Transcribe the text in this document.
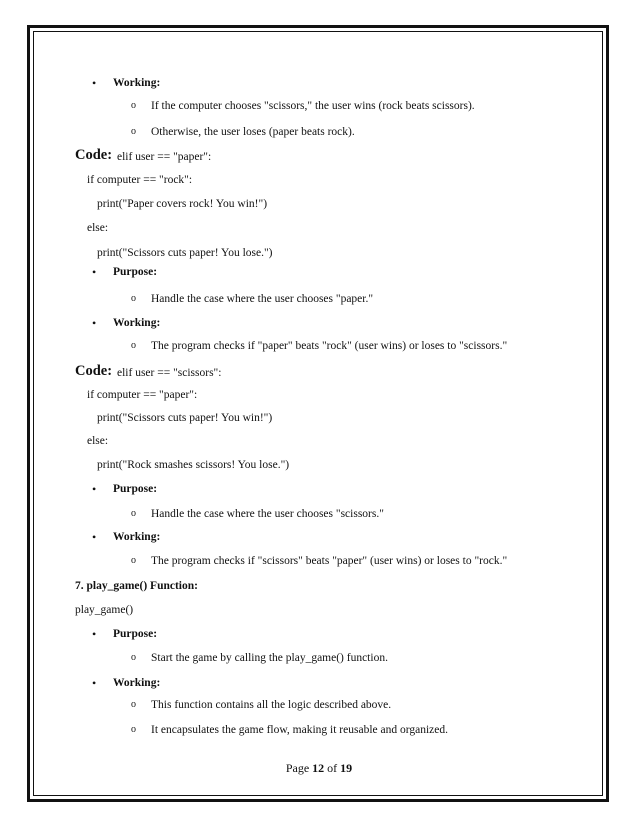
• Working:
o If the computer chooses "scissors," the user wins (rock beats scissors).
o Otherwise, the user loses (paper beats rock).
Code: elif user == "paper":
if computer == "rock":
print("Paper covers rock! You win!")
else:
print("Scissors cuts paper! You lose.")
• Purpose:
o Handle the case where the user chooses "paper."
• Working:
o The program checks if "paper" beats "rock" (user wins) or loses to "scissors."
Code: elif user == "scissors":
if computer == "paper":
print("Scissors cuts paper! You win!")
else:
print("Rock smashes scissors! You lose.")
• Purpose:
o Handle the case where the user chooses "scissors."
• Working:
o The program checks if "scissors" beats "paper" (user wins) or loses to "rock."
7. play_game() Function:
play_game()
• Purpose:
o Start the game by calling the play_game() function.
• Working:
o This function contains all the logic described above.
o It encapsulates the game flow, making it reusable and organized.
Page 12 of 19
